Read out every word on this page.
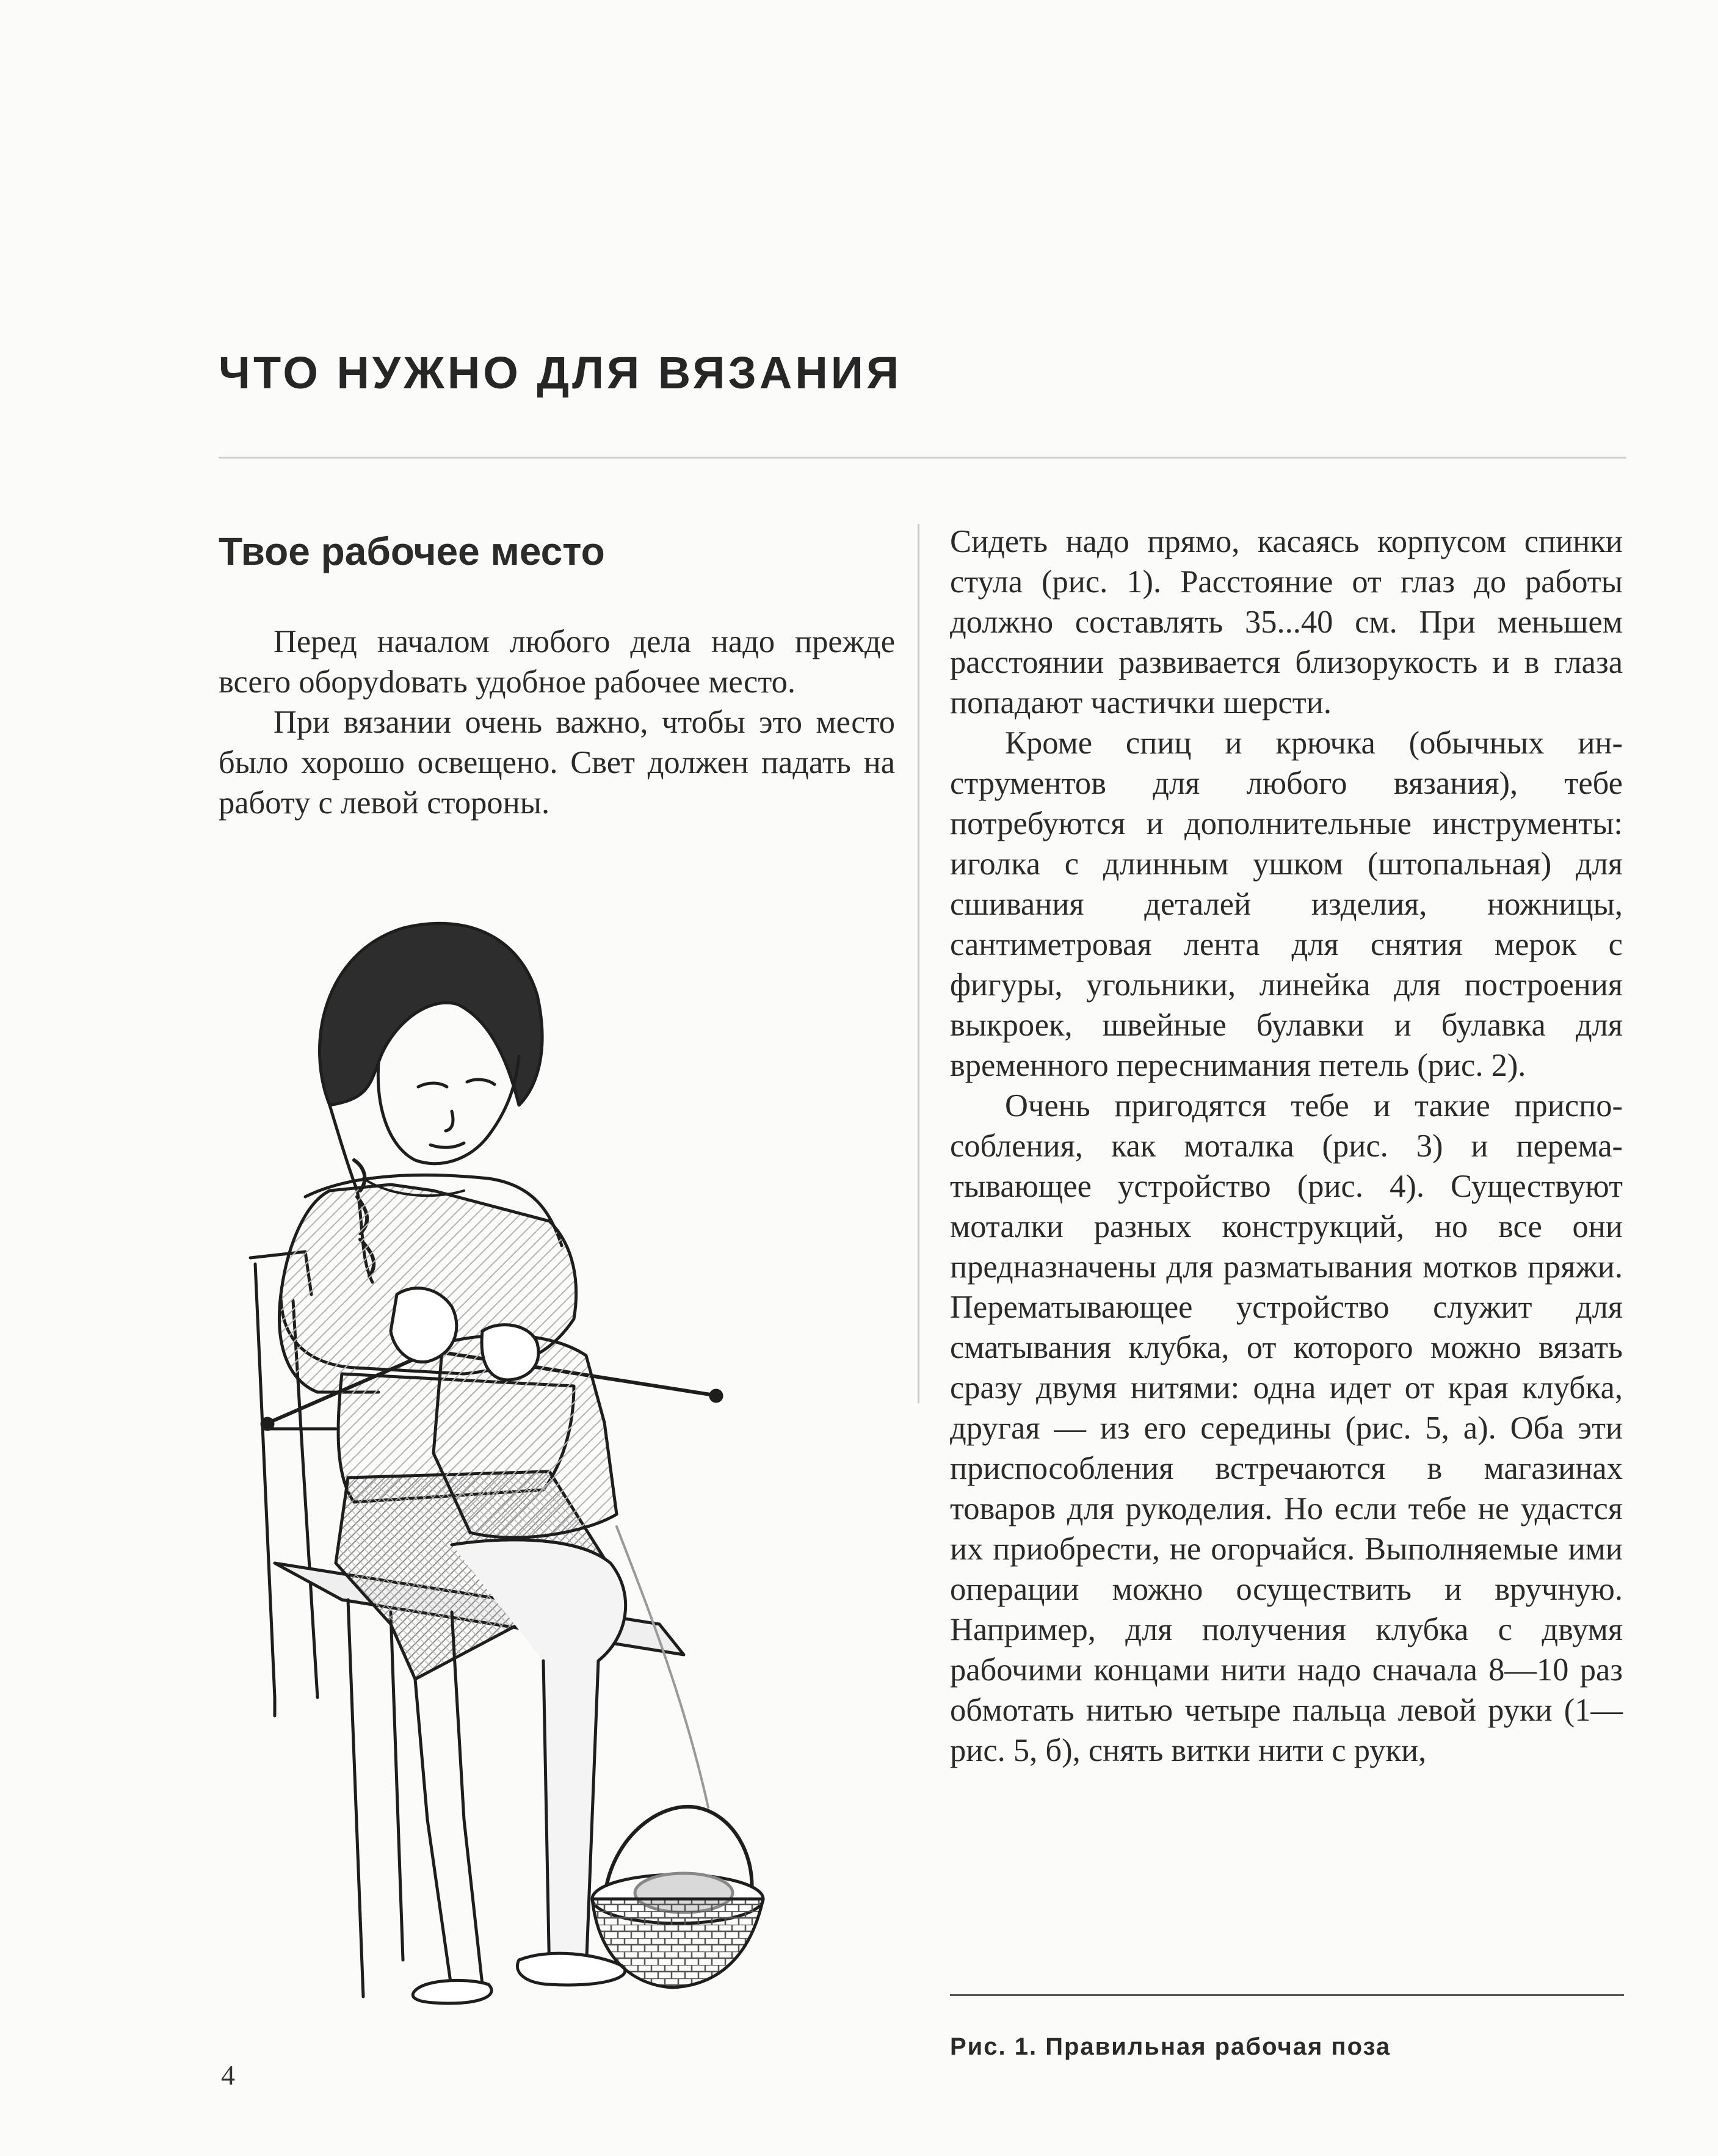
ЧТО НУЖНО ДЛЯ ВЯЗАНИЯ
Твое рабочее место

Перед началом любого дела надо прежде всего оборуdовать удобное рабочее место.

При вязании очень важно, чтобы это место было хорошо освещено. Свет должен падать на работу с левой стороны.

Сидеть надо прямо, касаясь корпусом спинки стула (рис. 1). Расстояние от глаз до работы должно составлять 35...40 см. При меньшем расстоянии развивается близорукость и в глаза попадают частички шерсти.

Кроме спиц и крючка (обычных инструментов для любого вязания), тебе потребуются и дополнительные инструменты: иголка с длинным ушком (штопальная) для сшивания деталей изделия, ножницы, сантиметровая лента для снятия мерок с фигуры, угольники, линейка для построения выкроек, швейные булавки и булавка для временного переснимания петель (рис. 2).

Очень пригодятся тебе и такие приспособления, как моталка (рис. 3) и перематывающее устройство (рис. 4). Существуют моталки разных конструкций, но все они предназначены для разматывания мотков пряжи. Перематывающее устройство служит для сматывания клубка, от которого можно вязать сразу двумя нитями: одна идет от края клубка, другая — из его середины (рис. 5, а). Оба эти приспособления встречаются в магазинах товаров для рукоделия. Но если тебе не удастся их приобрести, не огорчайся. Выполняемые ими операции можно осуществить и вручную. Например, для получения клубка с двумя рабочими концами нити надо сначала 8—10 раз обмотать нитью четыре пальца левой руки (1— рис. 5, б), снять витки нити с руки,

Рис. 1. Правильная рабочая поза
4
